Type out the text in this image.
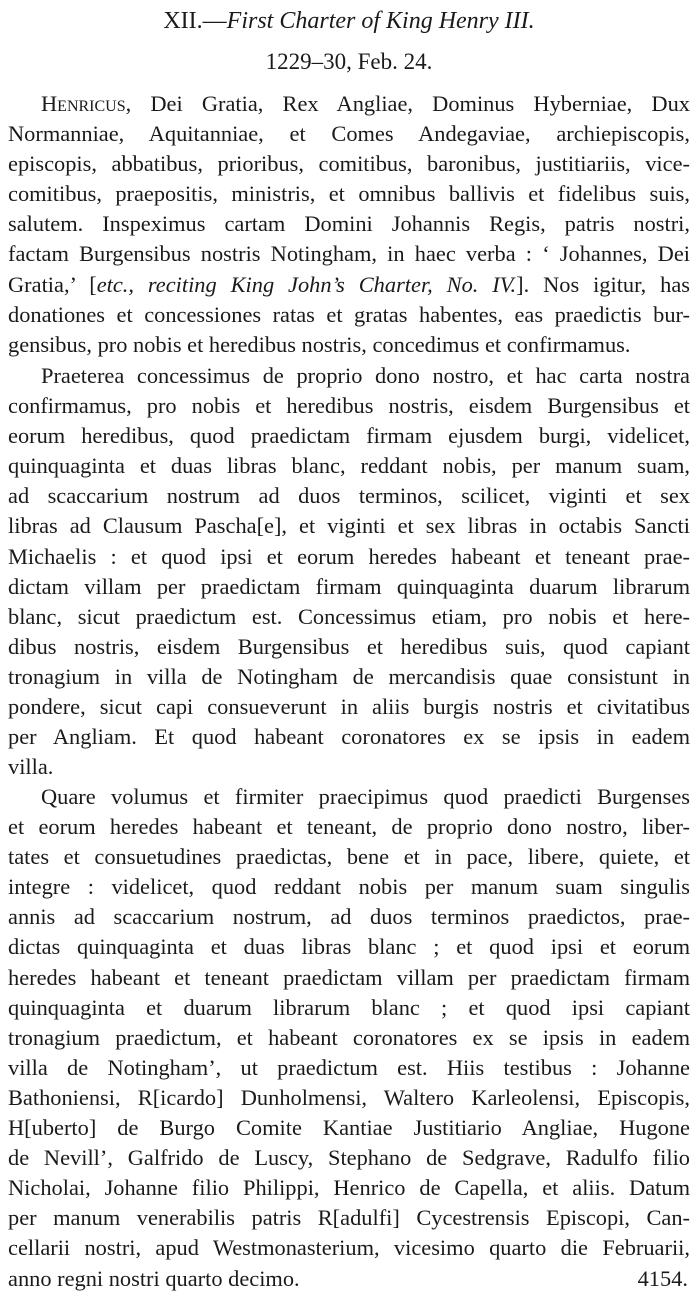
XII.—First Charter of King Henry III.
1229–30, Feb. 24.
Henricus, Dei Gratia, Rex Angliae, Dominus Hyberniae, Dux
Normanniae, Aquitanniae, et Comes Andegaviae, archiepiscopis,
episcopis, abbatibus, prioribus, comitibus, baronibus, justitiariis, vice-
comitibus, praepositis, ministris, et omnibus ballivis et fidelibus suis,
salutem. Inspeximus cartam Domini Johannis Regis, patris nostri,
factam Burgensibus nostris Notingham, in haec verba : ‘ Johannes, Dei
Gratia,’ [etc., reciting King John’s Charter, No. IV.]. Nos igitur, has
donationes et concessiones ratas et gratas habentes, eas praedictis bur-
gensibus, pro nobis et heredibus nostris, concedimus et confirmamus.
Praeterea concessimus de proprio dono nostro, et hac carta nostra
confirmamus, pro nobis et heredibus nostris, eisdem Burgensibus et
eorum heredibus, quod praedictam firmam ejusdem burgi, videlicet,
quinquaginta et duas libras blanc, reddant nobis, per manum suam,
ad scaccarium nostrum ad duos terminos, scilicet, viginti et sex
libras ad Clausum Pascha[e], et viginti et sex libras in octabis Sancti
Michaelis : et quod ipsi et eorum heredes habeant et teneant prae-
dictam villam per praedictam firmam quinquaginta duarum librarum
blanc, sicut praedictum est. Concessimus etiam, pro nobis et here-
dibus nostris, eisdem Burgensibus et heredibus suis, quod capiant
tronagium in villa de Notingham de mercandisis quae consistunt in
pondere, sicut capi consueverunt in aliis burgis nostris et civitatibus
per Angliam. Et quod habeant coronatores ex se ipsis in eadem
villa.
Quare volumus et firmiter praecipimus quod praedicti Burgenses
et eorum heredes habeant et teneant, de proprio dono nostro, liber-
tates et consuetudines praedictas, bene et in pace, libere, quiete, et
integre : videlicet, quod reddant nobis per manum suam singulis
annis ad scaccarium nostrum, ad duos terminos praedictos, prae-
dictas quinquaginta et duas libras blanc ; et quod ipsi et eorum
heredes habeant et teneant praedictam villam per praedictam firmam
quinquaginta et duarum librarum blanc ; et quod ipsi capiant
tronagium praedictum, et habeant coronatores ex se ipsis in eadem
villa de Notingham’, ut praedictum est. Hiis testibus : Johanne
Bathoniensi, R[icardo] Dunholmensi, Waltero Karleolensi, Episcopis,
H[uberto] de Burgo Comite Kantiae Justitiario Angliae, Hugone
de Nevill’, Galfrido de Luscy, Stephano de Sedgrave, Radulfo filio
Nicholai, Johanne filio Philippi, Henrico de Capella, et aliis. Datum
per manum venerabilis patris R[adulfi] Cycestrensis Episcopi, Can-
cellarii nostri, apud Westmonasterium, vicesimo quarto die Februarii,
anno regni nostri quarto decimo.	4154.
